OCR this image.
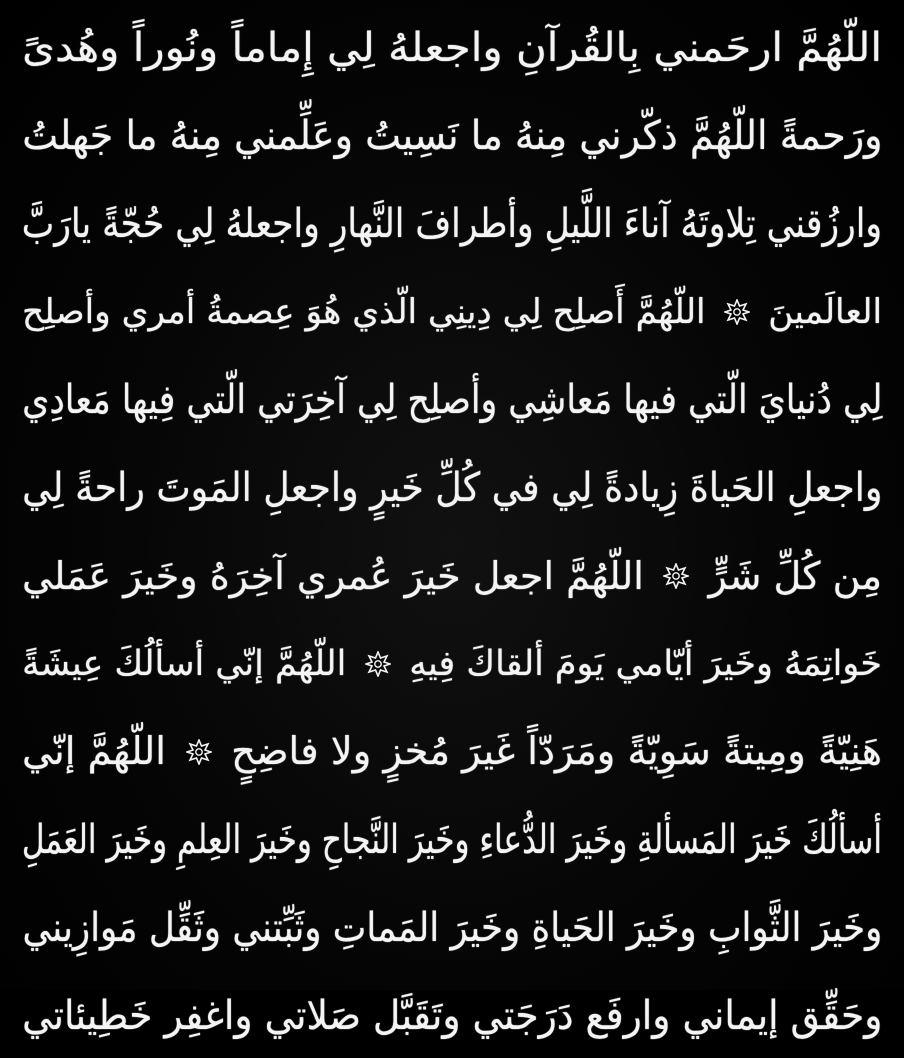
اللّهُمَّ ارحَمني بِالقُرآنِ واجعلهُ لِي إِماماً ونُوراً وهُدىً
ورَحمةً اللّهُمَّ ذكّرني مِنهُ ما نَسِيتُ وعَلِّمني مِنهُ ما جَهلتُ
وارزُقني تِلاوتَهُ آناءَ اللَّيلِ وأطرافَ النَّهارِ واجعلهُ لِي حُجّةً يارَبَّ
العالَمينَ
اللّهُمَّ أَصلِح لِي دِينِي الّذي هُوَ عِصمةُ أمري وأصلِح
لِي دُنيايَ الّتي فيها مَعاشِي وأصلِح لِي آخِرَتي الّتي فِيها مَعادِي
واجعلِ الحَياةَ زِيادةً لِي في كُلِّ خَيرٍ واجعلِ المَوتَ راحةً لِي
مِن كُلِّ شَرٍّ
اللّهُمَّ اجعل خَيرَ عُمري آخِرَهُ وخَيرَ عَمَلي
خَواتِمَهُ وخَيرَ أيّامي يَومَ ألقاكَ فِيهِ
اللّهُمَّ إنّي أسألُكَ عِيشَةً
هَنِيّةً ومِيتةً سَوِيّةً ومَرَدّاً غَيرَ مُخزٍ ولا فاضِحٍ
اللّهُمَّ إنّي
أسألُكَ خَيرَ المَسألةِ وخَيرَ الدُّعاءِ وخَيرَ النَّجاحِ وخَيرَ العِلمِ وخَيرَ العَمَلِ
وخَيرَ الثَّوابِ وخَيرَ الحَياةِ وخَيرَ المَماتِ وثَبِّتني وثَقِّل مَوازِيني
وحَقِّق إيماني وارفَع دَرَجَتي وتَقَبَّل صَلاتي واغفِر خَطِيئاتي
